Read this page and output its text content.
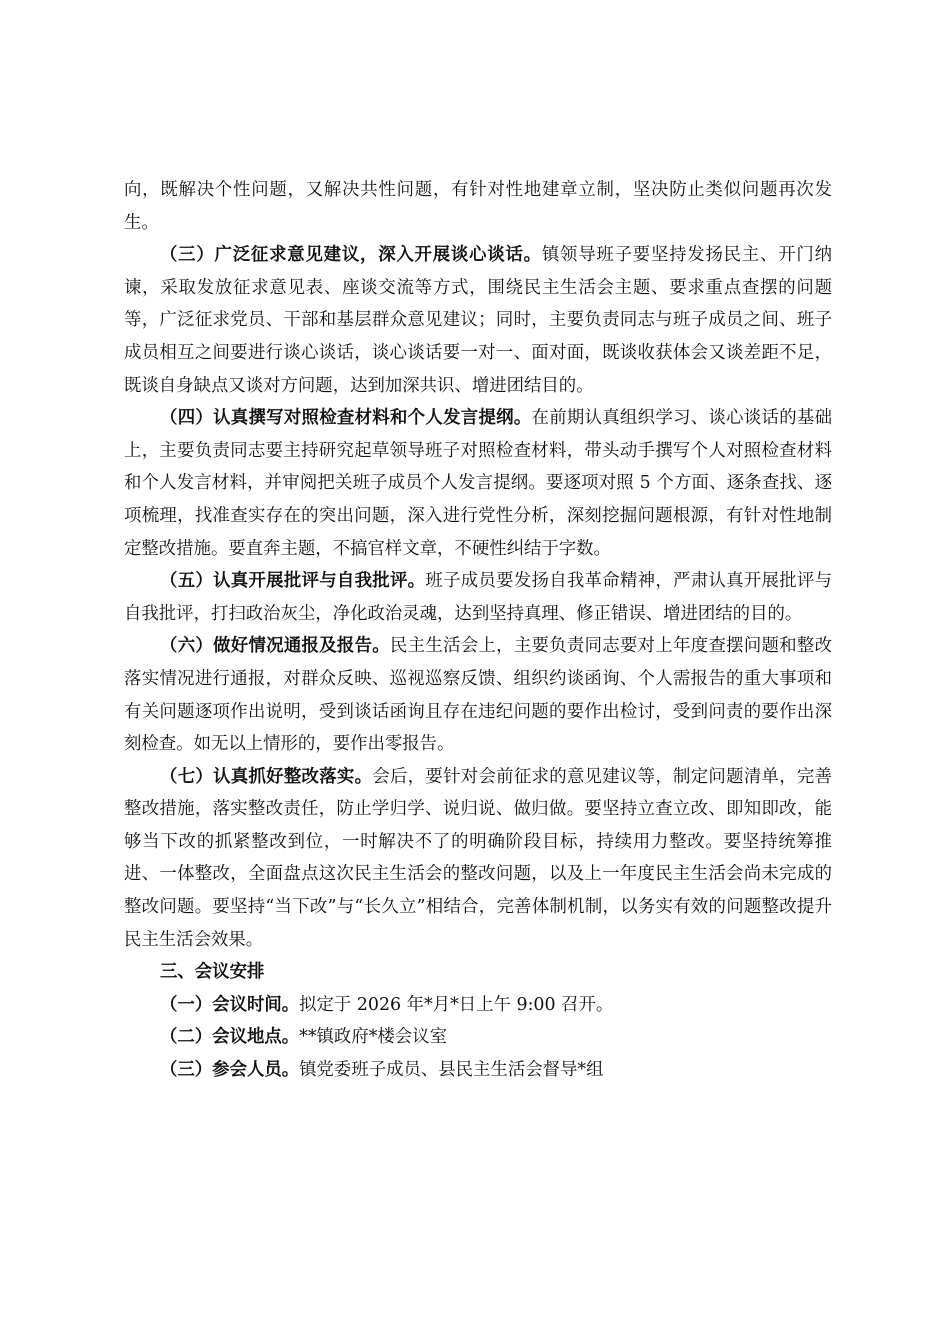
向，既解决个性问题，又解决共性问题，有针对性地建章立制，坚决防止类似问题再次发生。

（三）广泛征求意见建议，深入开展谈心谈话。镇领导班子要坚持发扬民主、开门纳谏，采取发放征求意见表、座谈交流等方式，围绕民主生活会主题、要求重点查摆的问题等，广泛征求党员、干部和基层群众意见建议；同时，主要负责同志与班子成员之间、班子成员相互之间要进行谈心谈话，谈心谈话要一对一、面对面，既谈收获体会又谈差距不足，既谈自身缺点又谈对方问题，达到加深共识、增进团结目的。

（四）认真撰写对照检查材料和个人发言提纲。在前期认真组织学习、谈心谈话的基础上，主要负责同志要主持研究起草领导班子对照检查材料，带头动手撰写个人对照检查材料和个人发言材料，并审阅把关班子成员个人发言提纲。要逐项对照 5 个方面、逐条查找、逐项梳理，找准查实存在的突出问题，深入进行党性分析，深刻挖掘问题根源，有针对性地制定整改措施。要直奔主题，不搞官样文章，不硬性纠结于字数。

（五）认真开展批评与自我批评。班子成员要发扬自我革命精神，严肃认真开展批评与自我批评，打扫政治灰尘，净化政治灵魂，达到坚持真理、修正错误、增进团结的目的。

（六）做好情况通报及报告。民主生活会上，主要负责同志要对上年度查摆问题和整改落实情况进行通报，对群众反映、巡视巡察反馈、组织约谈函询、个人需报告的重大事项和有关问题逐项作出说明，受到谈话函询且存在违纪问题的要作出检讨，受到问责的要作出深刻检查。如无以上情形的，要作出零报告。

（七）认真抓好整改落实。会后，要针对会前征求的意见建议等，制定问题清单，完善整改措施，落实整改责任，防止学归学、说归说、做归做。要坚持立查立改、即知即改，能够当下改的抓紧整改到位，一时解决不了的明确阶段目标，持续用力整改。要坚持统筹推进、一体整改，全面盘点这次民主生活会的整改问题，以及上一年度民主生活会尚未完成的整改问题。要坚持“当下改”与“长久立”相结合，完善体制机制，以务实有效的问题整改提升民主生活会效果。

三、会议安排

（一）会议时间。拟定于 2026 年*月*日上午 9:00 召开。

（二）会议地点。**镇政府*楼会议室

（三）参会人员。镇党委班子成员、县民主生活会督导*组
